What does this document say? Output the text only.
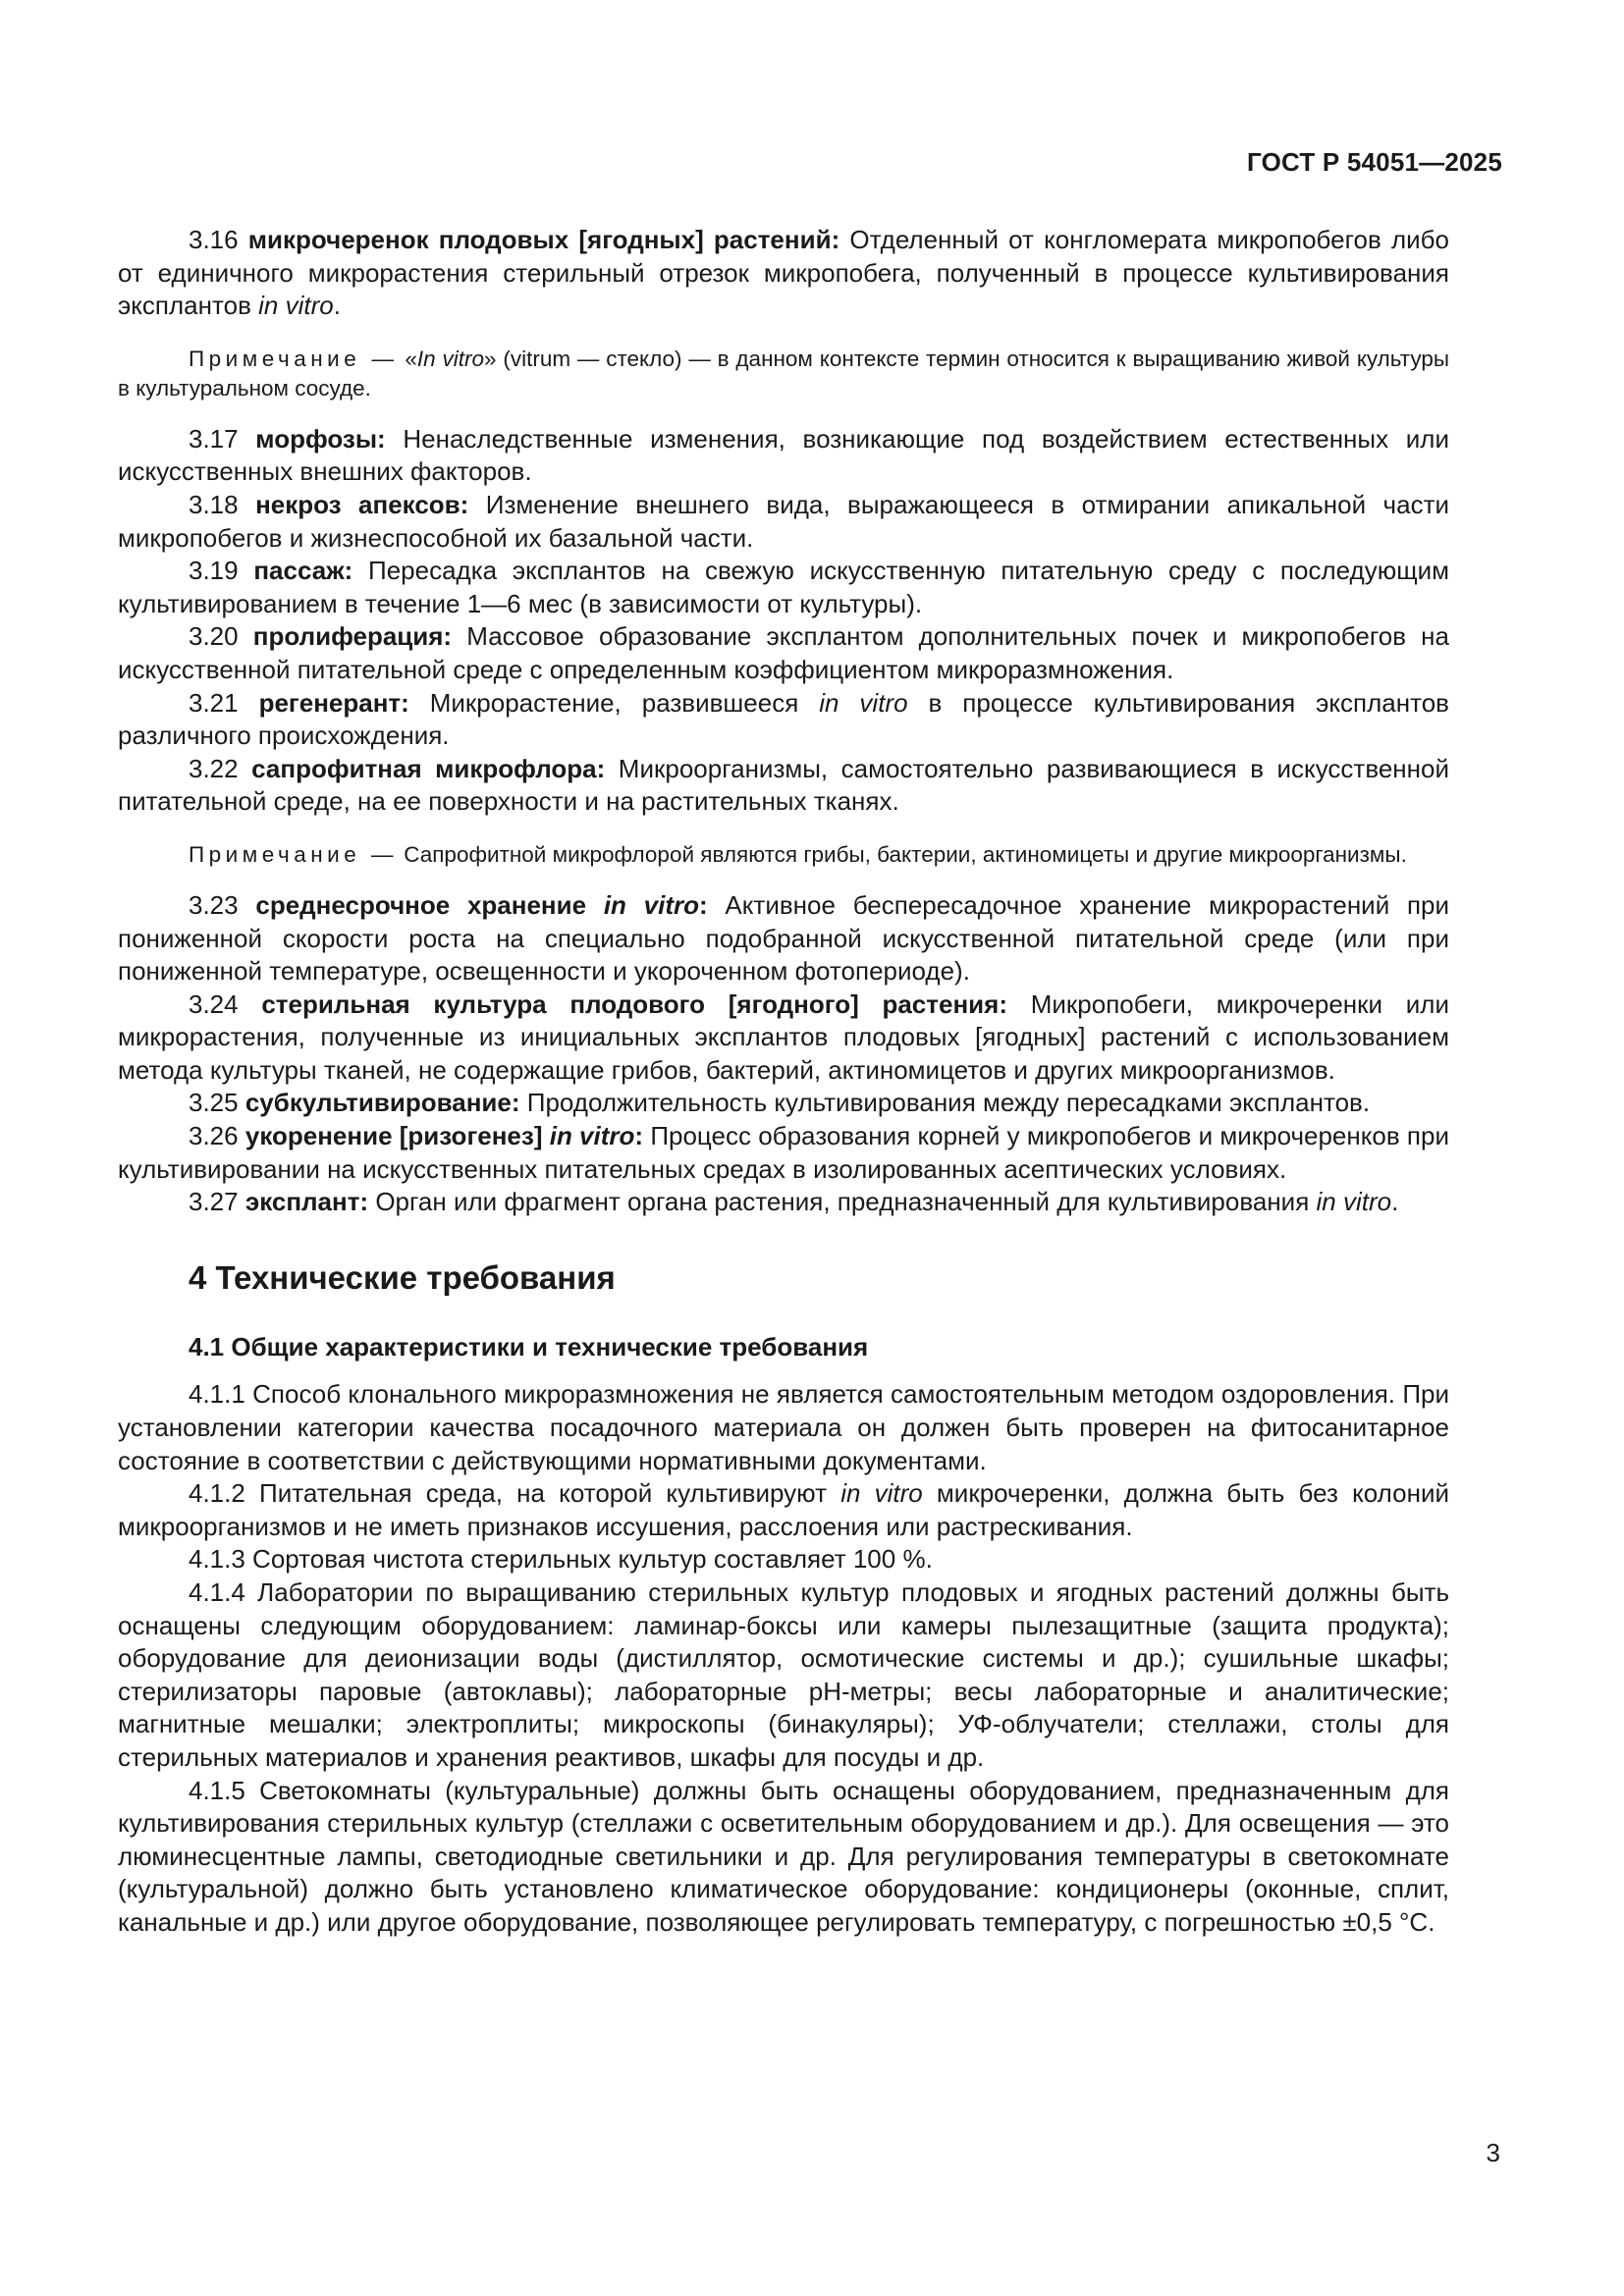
ГОСТ Р 54051—2025

3.16 микрочеренок плодовых [ягодных] растений: Отделенный от конгломерата микропобегов либо от единичного микрорастения стерильный отрезок микропобега, полученный в процессе культивирования эксплантов in vitro.

Примечание — «In vitro» (vitrum — стекло) — в данном контексте термин относится к выращиванию живой культуры в культуральном сосуде.

3.17 морфозы: Ненаследственные изменения, возникающие под воздействием естественных или искусственных внешних факторов.

3.18 некроз апексов: Изменение внешнего вида, выражающееся в отмирании апикальной части микропобегов и жизнеспособной их базальной части.

3.19 пассаж: Пересадка эксплантов на свежую искусственную питательную среду с последующим культивированием в течение 1—6 мес (в зависимости от культуры).

3.20 пролиферация: Массовое образование эксплантом дополнительных почек и микропобегов на искусственной питательной среде с определенным коэффициентом микроразмножения.

3.21 регенерант: Микрорастение, развившееся in vitro в процессе культивирования эксплантов различного происхождения.

3.22 сапрофитная микрофлора: Микроорганизмы, самостоятельно развивающиеся в искусственной питательной среде, на ее поверхности и на растительных тканях.

Примечание — Сапрофитной микрофлорой являются грибы, бактерии, актиномицеты и другие микроорганизмы.

3.23 среднесрочное хранение in vitro: Активное беспересадочное хранение микрорастений при пониженной скорости роста на специально подобранной искусственной питательной среде (или при пониженной температуре, освещенности и укороченном фотопериоде).

3.24 стерильная культура плодового [ягодного] растения: Микропобеги, микрочеренки или микрорастения, полученные из инициальных эксплантов плодовых [ягодных] растений с использованием метода культуры тканей, не содержащие грибов, бактерий, актиномицетов и других микроорганизмов.

3.25 субкультивирование: Продолжительность культивирования между пересадками эксплантов.

3.26 укоренение [ризогенез] in vitro: Процесс образования корней у микропобегов и микрочеренков при культивировании на искусственных питательных средах в изолированных асептических условиях.

3.27 эксплант: Орган или фрагмент органа растения, предназначенный для культивирования in vitro.

4 Технические требования
4.1 Общие характеристики и технические требования

4.1.1 Способ клонального микроразмножения не является самостоятельным методом оздоровления. При установлении категории качества посадочного материала он должен быть проверен на фитосанитарное состояние в соответствии с действующими нормативными документами.

4.1.2 Питательная среда, на которой культивируют in vitro микрочеренки, должна быть без колоний микроорганизмов и не иметь признаков иссушения, расслоения или растрескивания.

4.1.3 Сортовая чистота стерильных культур составляет 100 %.

4.1.4 Лаборатории по выращиванию стерильных культур плодовых и ягодных растений должны быть оснащены следующим оборудованием: ламинар-боксы или камеры пылезащитные (защита продукта); оборудование для деионизации воды (дистиллятор, осмотические системы и др.); сушильные шкафы; стерилизаторы паровые (автоклавы); лабораторные pH-метры; весы лабораторные и аналитические; магнитные мешалки; электроплиты; микроскопы (бинакуляры); УФ-облучатели; стеллажи, столы для стерильных материалов и хранения реактивов, шкафы для посуды и др.

4.1.5 Светокомнаты (культуральные) должны быть оснащены оборудованием, предназначенным для культивирования стерильных культур (стеллажи с осветительным оборудованием и др.). Для освещения — это люминесцентные лампы, светодиодные светильники и др. Для регулирования температуры в светокомнате (культуральной) должно быть установлено климатическое оборудование: кондиционеры (оконные, сплит, канальные и др.) или другое оборудование, позволяющее регулировать температуру, с погрешностью ±0,5 °С.

3
